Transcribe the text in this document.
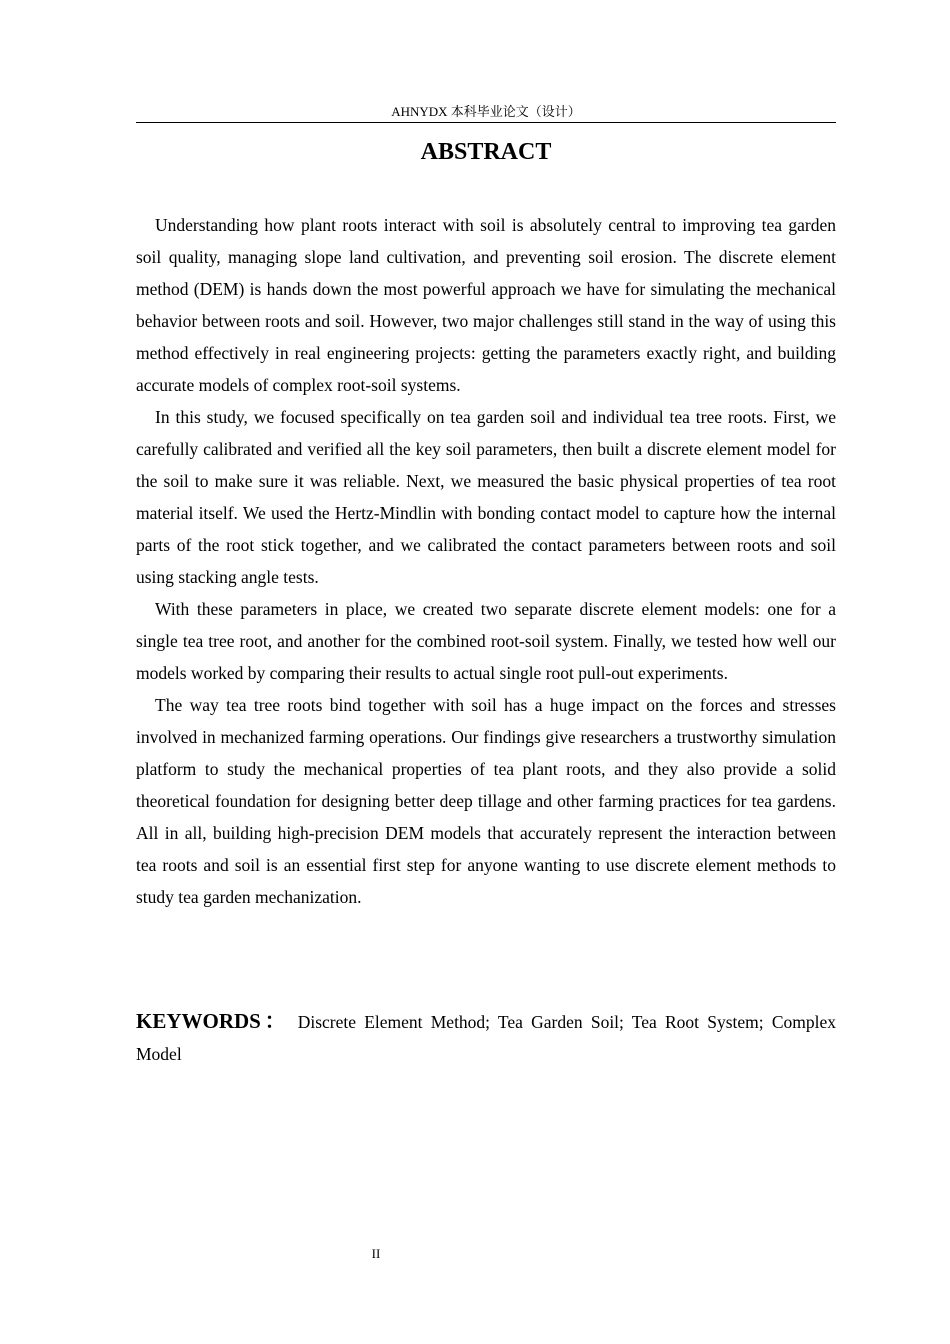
AHNYDX 本科毕业论文（设计）
ABSTRACT

Understanding how plant roots interact with soil is absolutely central to improving tea garden soil quality, managing slope land cultivation, and preventing soil erosion. The discrete element method (DEM) is hands down the most powerful approach we have for simulating the mechanical behavior between roots and soil. However, two major challenges still stand in the way of using this method effectively in real engineering projects: getting the parameters exactly right, and building accurate models of complex root-soil systems.

In this study, we focused specifically on tea garden soil and individual tea tree roots. First, we carefully calibrated and verified all the key soil parameters, then built a discrete element model for the soil to make sure it was reliable. Next, we measured the basic physical properties of tea root material itself. We used the Hertz-Mindlin with bonding contact model to capture how the internal parts of the root stick together, and we calibrated the contact parameters between roots and soil using stacking angle tests.

With these parameters in place, we created two separate discrete element models: one for a single tea tree root, and another for the combined root-soil system. Finally, we tested how well our models worked by comparing their results to actual single root pull-out experiments.

The way tea tree roots bind together with soil has a huge impact on the forces and stresses involved in mechanized farming operations. Our findings give researchers a trustworthy simulation platform to study the mechanical properties of tea plant roots, and they also provide a solid theoretical foundation for designing better deep tillage and other farming practices for tea gardens. All in all, building high-precision DEM models that accurately represent the interaction between tea roots and soil is an essential first step for anyone wanting to use discrete element methods to study tea garden mechanization.

KEYWORDS： Discrete Element Method; Tea Garden Soil; Tea Root System; Complex Model

II
